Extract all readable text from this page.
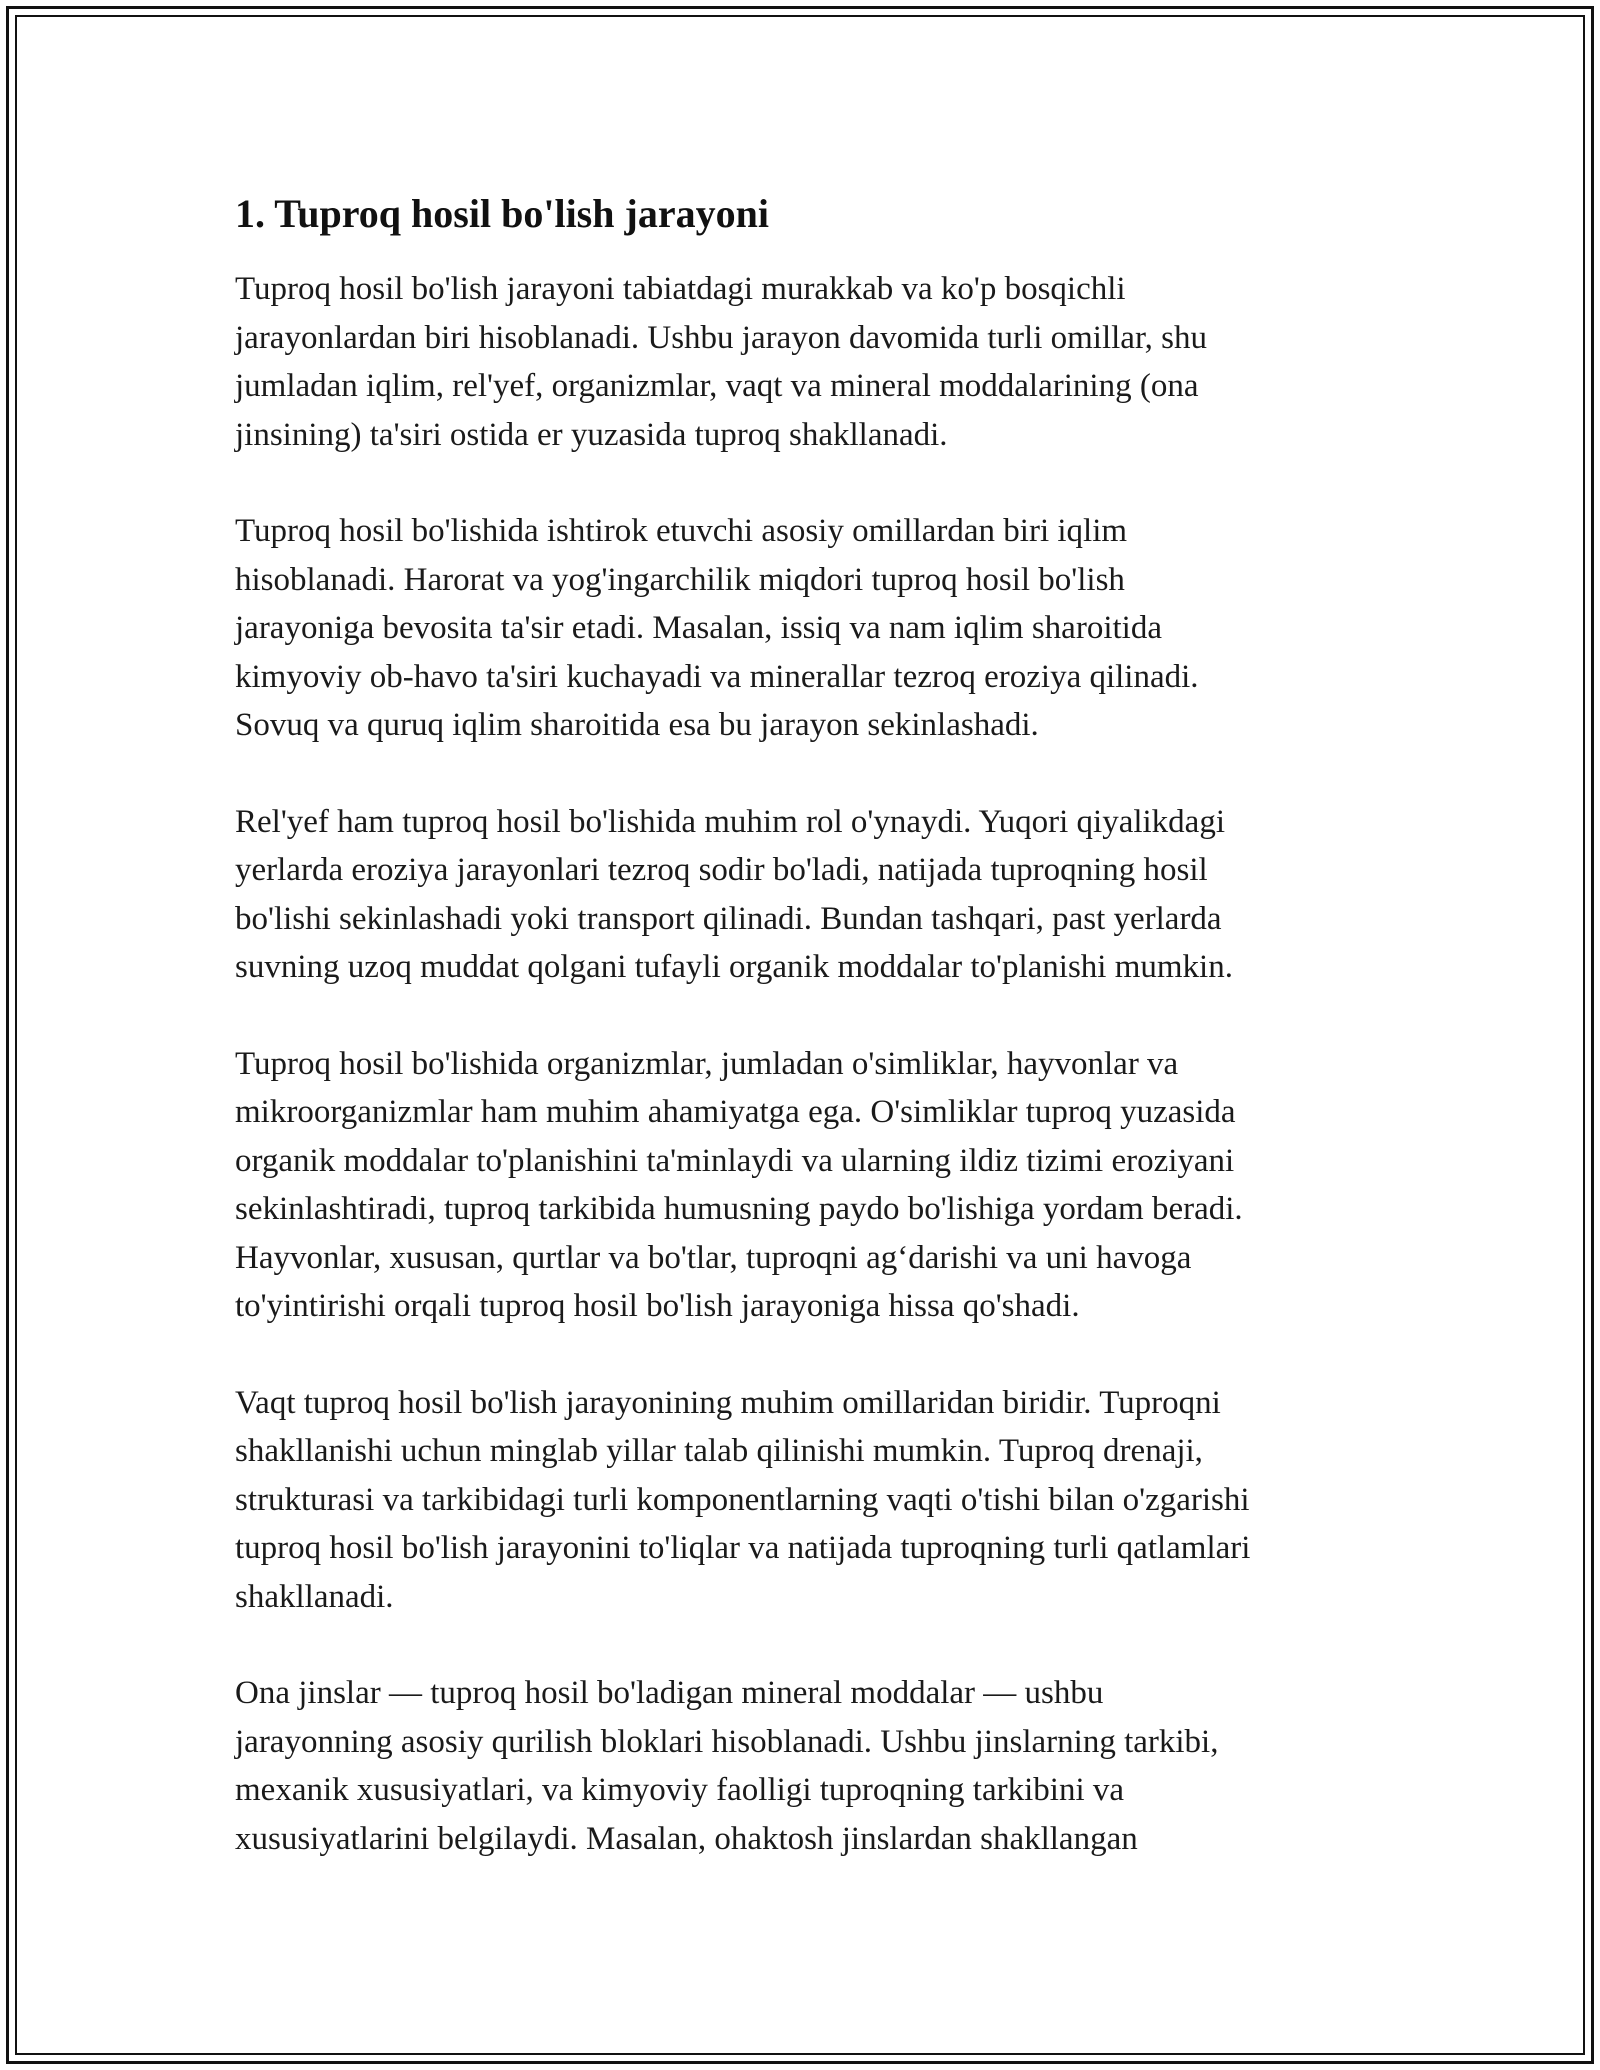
1. Tuproq hosil bo'lish jarayoni

Tuproq hosil bo'lish jarayoni tabiatdagi murakkab va ko'p bosqichli
jarayonlardan biri hisoblanadi. Ushbu jarayon davomida turli omillar, shu
jumladan iqlim, rel'yef, organizmlar, vaqt va mineral moddalarining (ona
jinsining) ta'siri ostida er yuzasida tuproq shakllanadi.

Tuproq hosil bo'lishida ishtirok etuvchi asosiy omillardan biri iqlim
hisoblanadi. Harorat va yog'ingarchilik miqdori tuproq hosil bo'lish
jarayoniga bevosita ta'sir etadi. Masalan, issiq va nam iqlim sharoitida
kimyoviy ob-havo ta'siri kuchayadi va minerallar tezroq eroziya qilinadi.
Sovuq va quruq iqlim sharoitida esa bu jarayon sekinlashadi.

Rel'yef ham tuproq hosil bo'lishida muhim rol o'ynaydi. Yuqori qiyalikdagi
yerlarda eroziya jarayonlari tezroq sodir bo'ladi, natijada tuproqning hosil
bo'lishi sekinlashadi yoki transport qilinadi. Bundan tashqari, past yerlarda
suvning uzoq muddat qolgani tufayli organik moddalar to'planishi mumkin.

Tuproq hosil bo'lishida organizmlar, jumladan o'simliklar, hayvonlar va
mikroorganizmlar ham muhim ahamiyatga ega. O'simliklar tuproq yuzasida
organik moddalar to'planishini ta'minlaydi va ularning ildiz tizimi eroziyani
sekinlashtiradi, tuproq tarkibida humusning paydo bo'lishiga yordam beradi.
Hayvonlar, xususan, qurtlar va bo'tlar, tuproqni ag‘darishi va uni havoga
to'yintirishi orqali tuproq hosil bo'lish jarayoniga hissa qo'shadi.

Vaqt tuproq hosil bo'lish jarayonining muhim omillaridan biridir. Tuproqni
shakllanishi uchun minglab yillar talab qilinishi mumkin. Tuproq drenaji,
strukturasi va tarkibidagi turli komponentlarning vaqti o'tishi bilan o'zgarishi
tuproq hosil bo'lish jarayonini to'liqlar va natijada tuproqning turli qatlamlari
shakllanadi.

Ona jinslar — tuproq hosil bo'ladigan mineral moddalar — ushbu
jarayonning asosiy qurilish bloklari hisoblanadi. Ushbu jinslarning tarkibi,
mexanik xususiyatlari, va kimyoviy faolligi tuproqning tarkibini va
xususiyatlarini belgilaydi. Masalan, ohaktosh jinslardan shakllangan
